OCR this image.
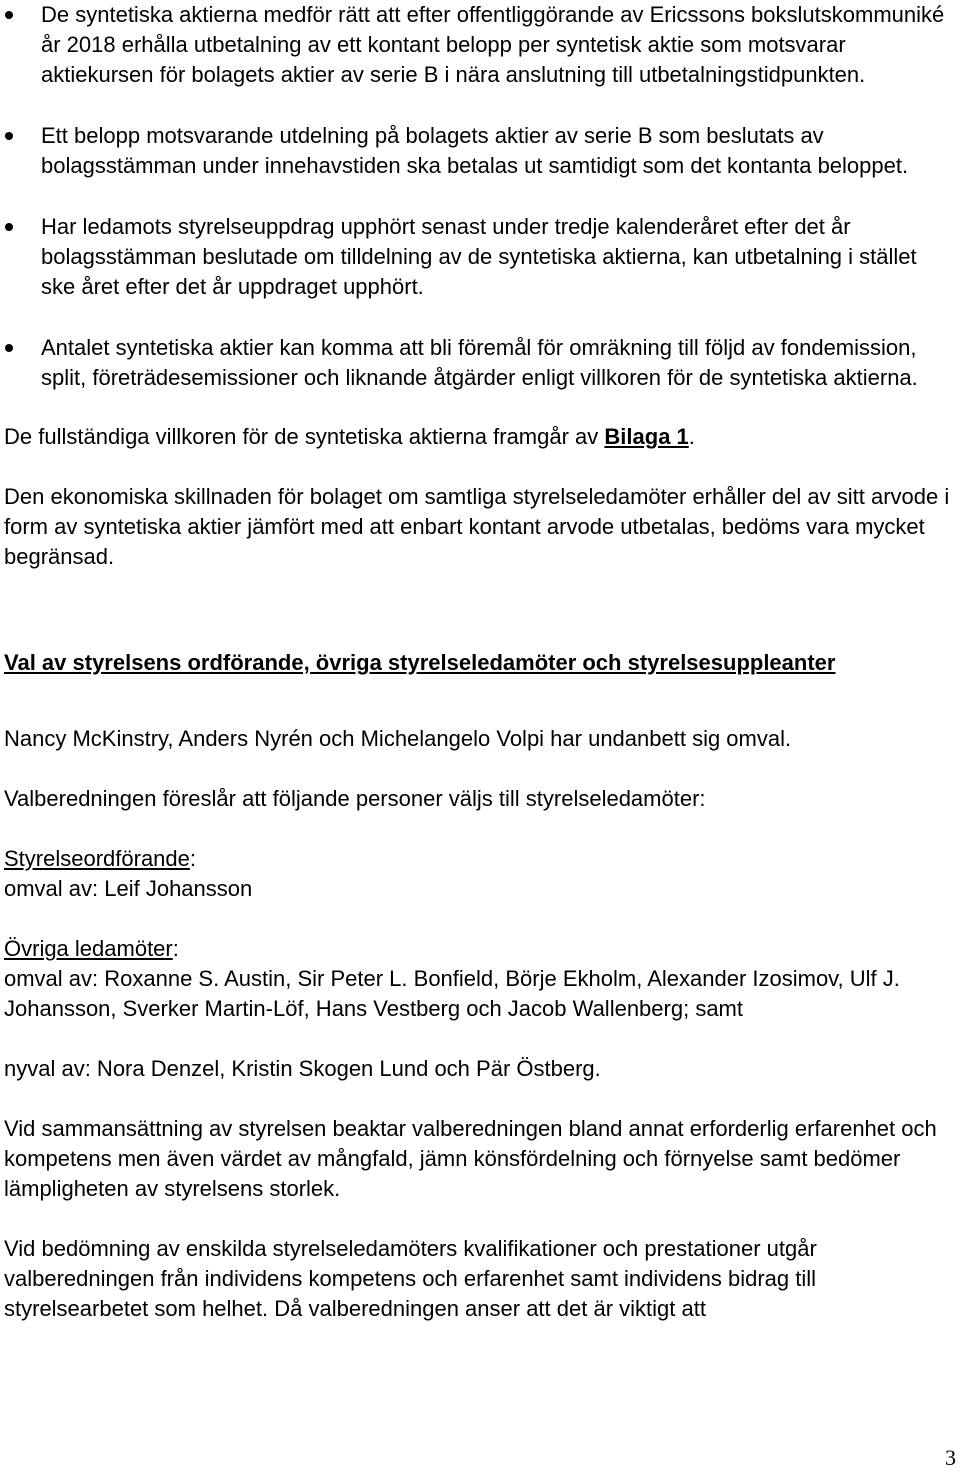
De syntetiska aktierna medför rätt att efter offentliggörande av Ericssons bokslutskommuniké år 2018 erhålla utbetalning av ett kontant belopp per syntetisk aktie som motsvarar aktiekursen för bolagets aktier av serie B i nära anslutning till utbetalningstidpunkten.
Ett belopp motsvarande utdelning på bolagets aktier av serie B som beslutats av bolagsstämman under innehavstiden ska betalas ut samtidigt som det kontanta beloppet.
Har ledamots styrelseuppdrag upphört senast under tredje kalenderåret efter det år bolagsstämman beslutade om tilldelning av de syntetiska aktierna, kan utbetalning i stället ske året efter det år uppdraget upphört.
Antalet syntetiska aktier kan komma att bli föremål för omräkning till följd av fondemission, split, företrädesemissioner och liknande åtgärder enligt villkoren för de syntetiska aktierna.

De fullständiga villkoren för de syntetiska aktierna framgår av Bilaga 1.

Den ekonomiska skillnaden för bolaget om samtliga styrelseledamöter erhåller del av sitt arvode i form av syntetiska aktier jämfört med att enbart kontant arvode utbetalas, bedöms vara mycket begränsad.

Val av styrelsens ordförande, övriga styrelseledamöter och styrelsesuppleanter

Nancy McKinstry, Anders Nyrén och Michelangelo Volpi har undanbett sig omval.

Valberedningen föreslår att följande personer väljs till styrelseledamöter:

Styrelseordförande:
omval av: Leif Johansson

Övriga ledamöter:
omval av: Roxanne S. Austin, Sir Peter L. Bonfield, Börje Ekholm, Alexander Izosimov, Ulf J. Johansson, Sverker Martin-Löf, Hans Vestberg och Jacob Wallenberg; samt

nyval av: Nora Denzel, Kristin Skogen Lund och Pär Östberg.

Vid sammansättning av styrelsen beaktar valberedningen bland annat erforderlig erfarenhet och kompetens men även värdet av mångfald, jämn könsfördelning och förnyelse samt bedömer lämpligheten av styrelsens storlek.

Vid bedömning av enskilda styrelseledamöters kvalifikationer och prestationer utgår valberedningen från individens kompetens och erfarenhet samt individens bidrag till styrelsearbetet som helhet. Då valberedningen anser att det är viktigt att

3
